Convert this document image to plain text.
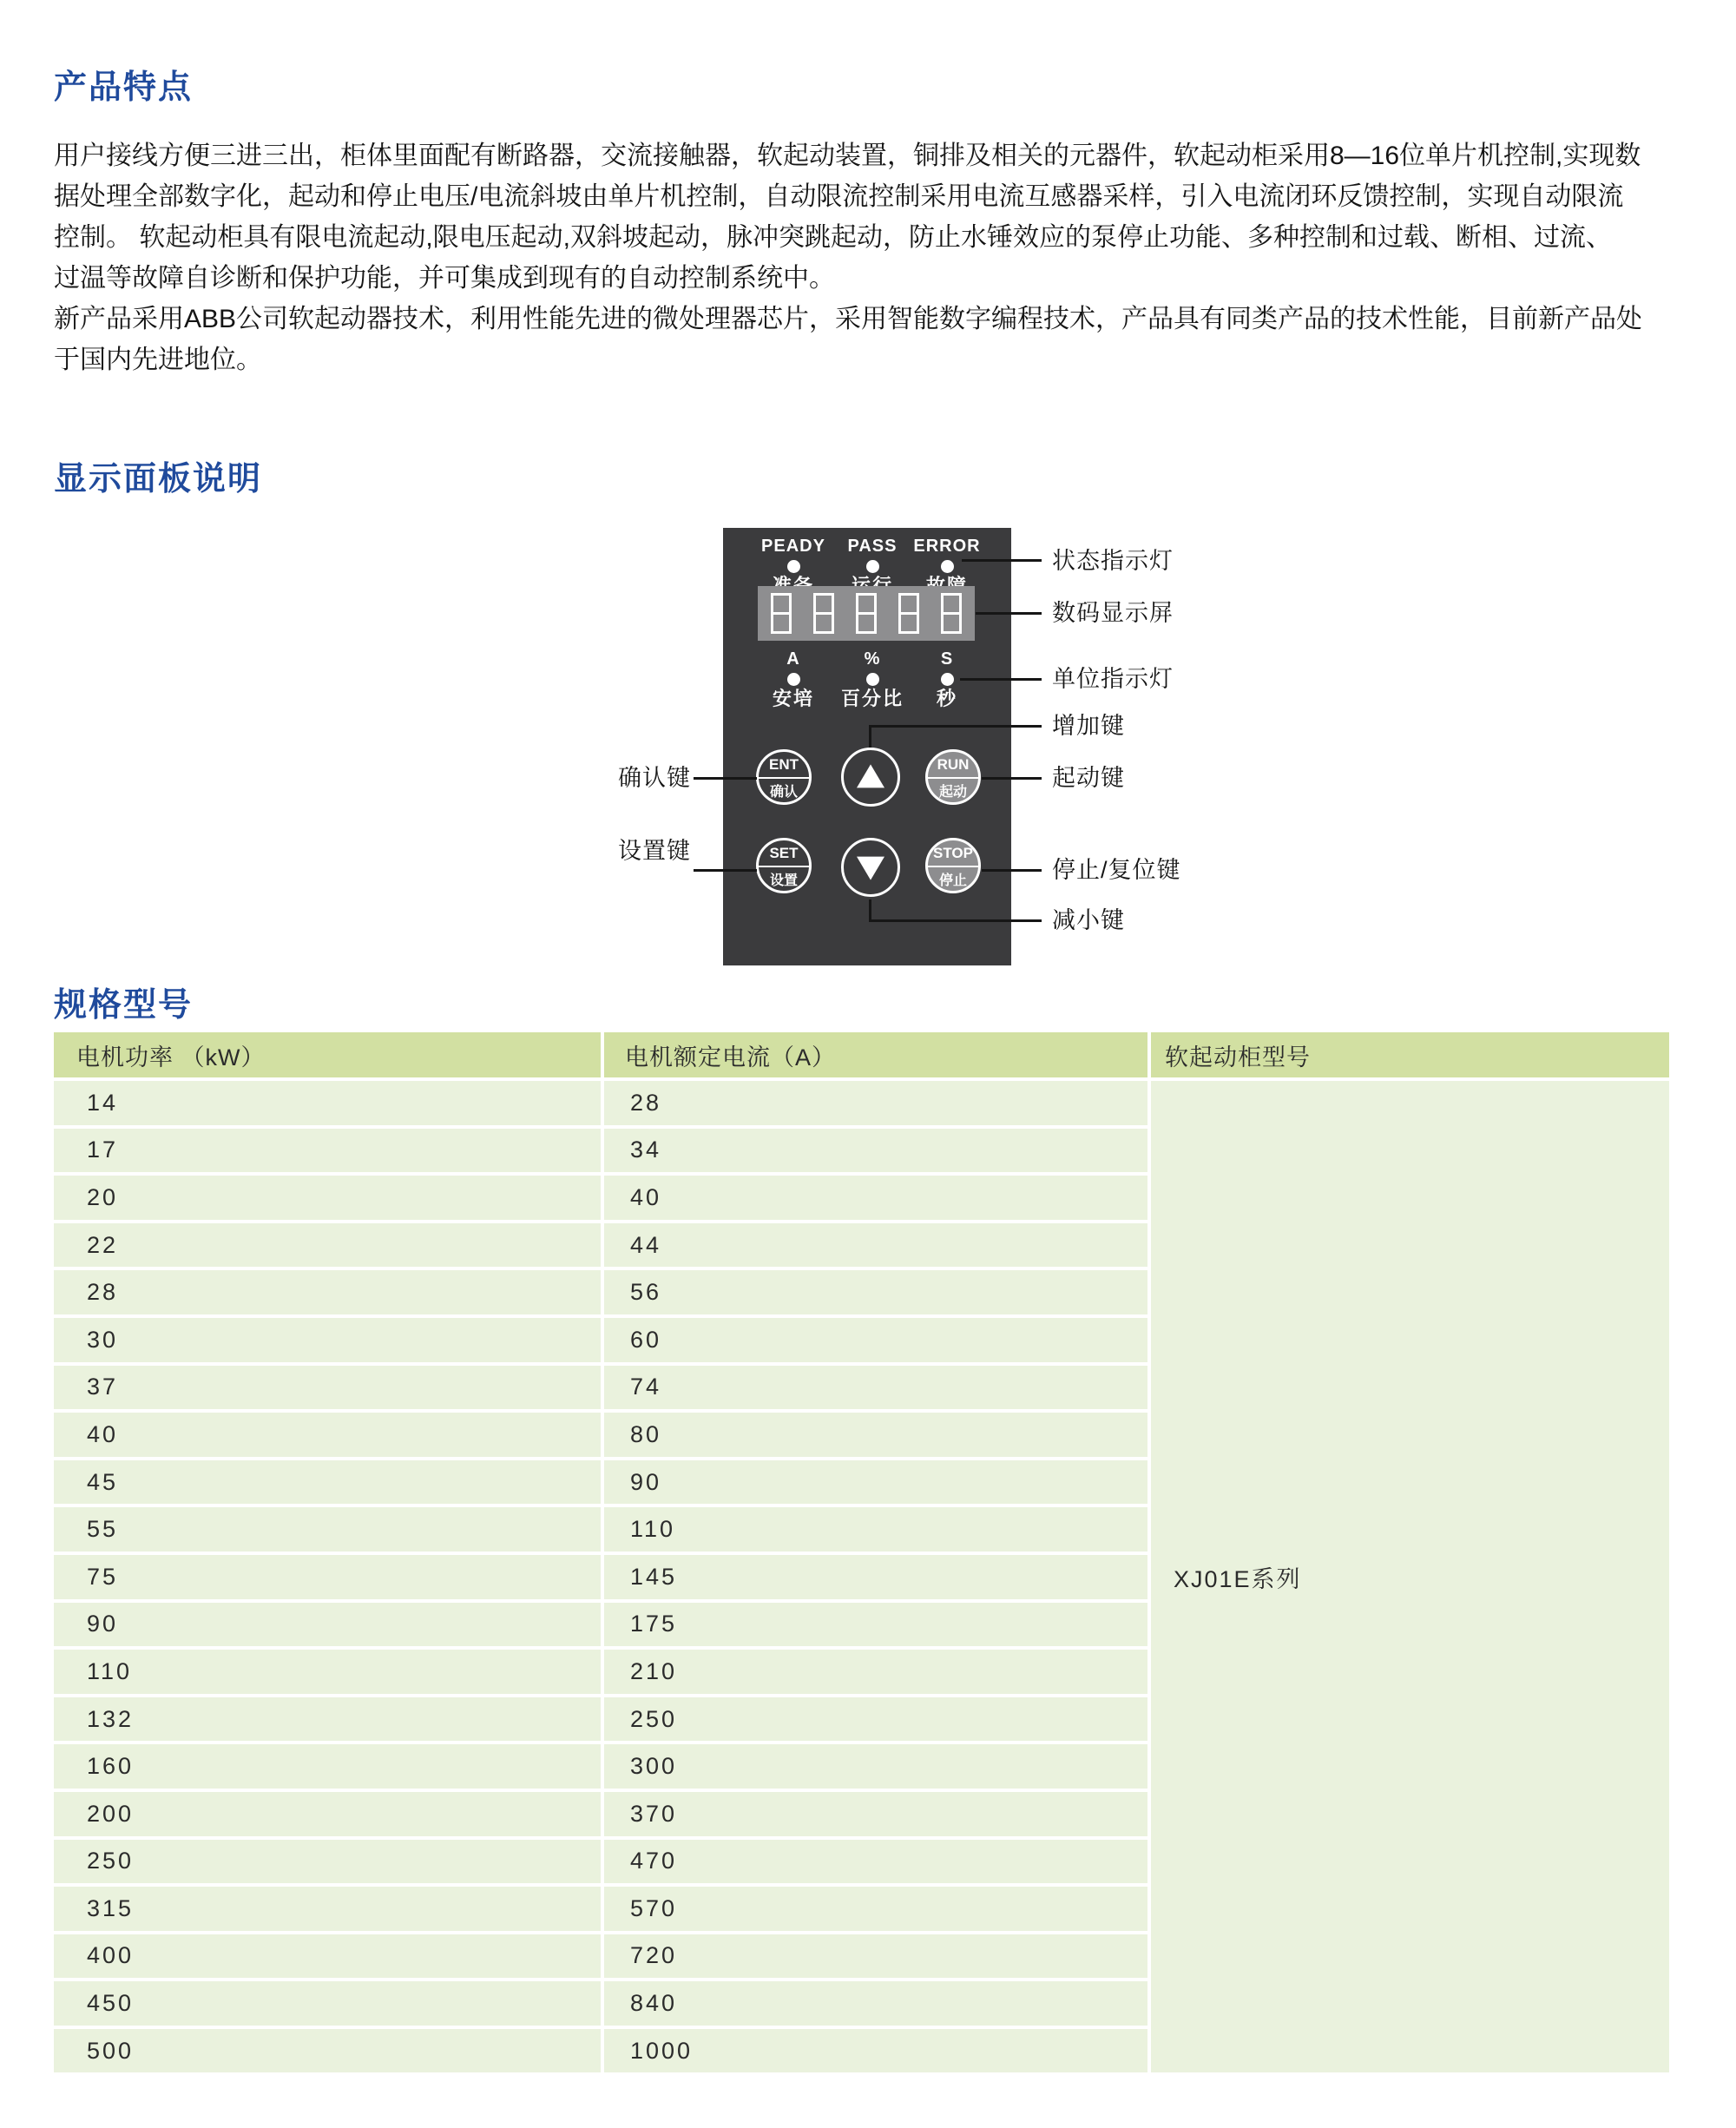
产品特点
用户接线方便三进三出，柜体里面配有断路器，交流接触器，软起动装置，铜排及相关的元器件，软起动柜采用8—16位单片机控制,实现数
据处理全部数字化，起动和停止电压/电流斜坡由单片机控制，自动限流控制采用电流互感器采样，引入电流闭环反馈控制，实现自动限流
控制。 软起动柜具有限电流起动,限电压起动,双斜坡起动，脉冲突跳起动，防止水锤效应的泵停止功能、多种控制和过载、断相、过流、
过温等故障自诊断和保护功能，并可集成到现有的自动控制系统中。
新产品采用ABB公司软起动器技术，利用性能先进的微处理器芯片，采用智能数字编程技术，产品具有同类产品的技术性能，目前新产品处
于国内先进地位。
显示面板说明
PEADY	PASS ERROR
A
安培
%
百分比
S
秒
ENT
确认
RUN
起动
SET
设置
STOP
停止
状态指示灯
数码显示屏
单位指示灯
增加键
起动键
停止/复位键
减小键
确认键
设置键
规格型号
电机功率 （kW）	电机额定电流（A）	软起动柜型号
14	28
17	34
20	40
22	44
28	56
30	60
37	74
40	80
45	90
55	110
75	145
90	175
110	210
132	250
160	300
200	370
250	470
315	570
400	720
450	840
500	1000
XJ01E系列
